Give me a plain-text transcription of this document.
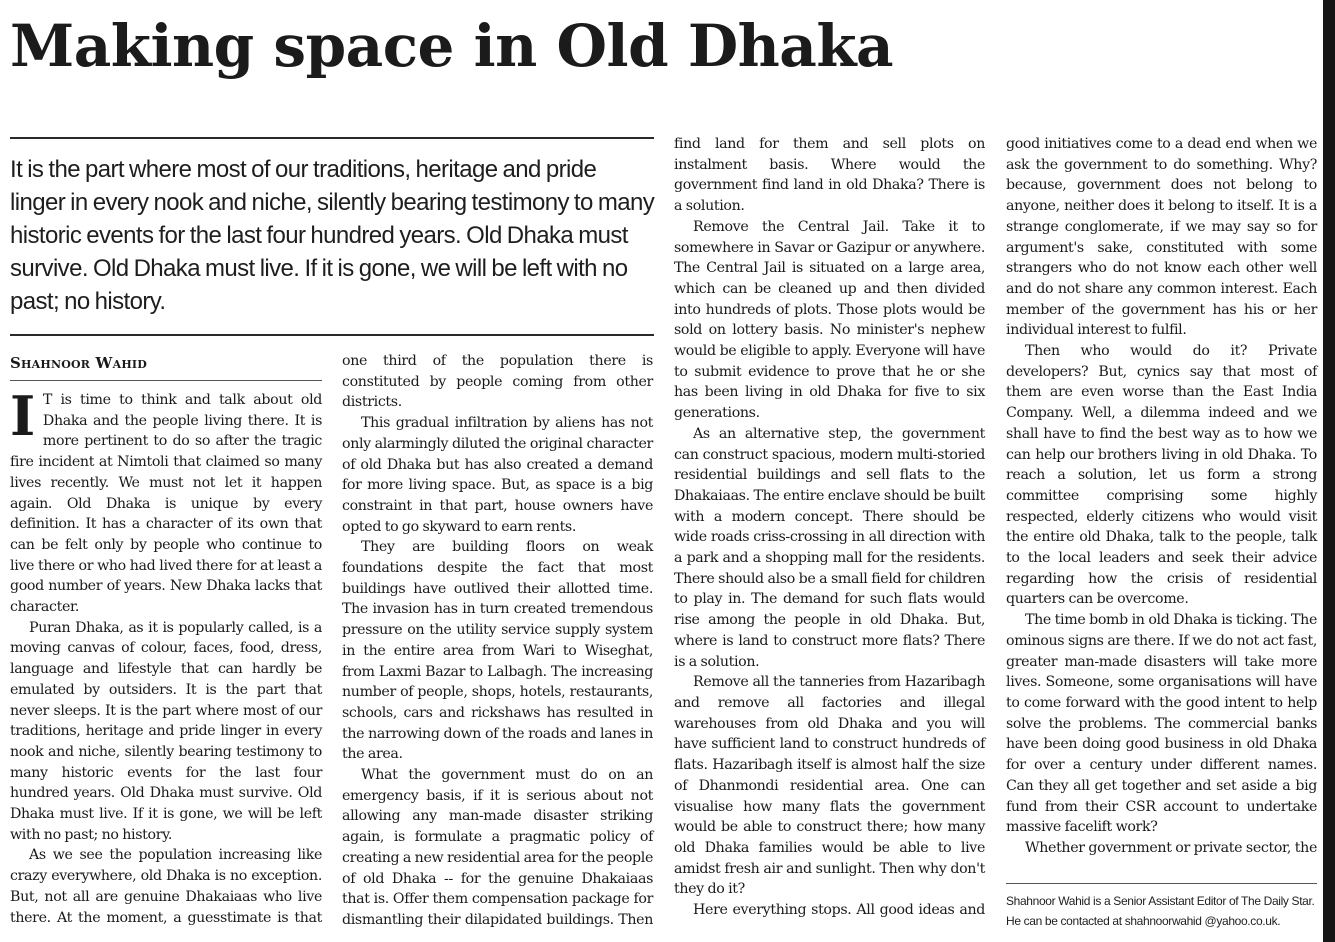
Making space in Old Dhaka

It is the part where most of our traditions, heritage and pride linger in every nook and niche, silently bearing testimony to many historic events for the last four hundred years. Old Dhaka must survive. Old Dhaka must live. If it is gone, we will be left with no past; no history.

Shahnoor Wahid

I T is time to think and talk about old Dhaka and the people living there. It is more pertinent to do so after the tragic fire incident at Nimtoli that claimed so many lives recently. We must not let it happen again. Old Dhaka is unique by every definition. It has a character of its own that can be felt only by people who continue to live there or who had lived there for at least a good number of years. New Dhaka lacks that character.

Puran Dhaka, as it is popularly called, is a moving canvas of colour, faces, food, dress, language and lifestyle that can hardly be emulated by outsiders. It is the part that never sleeps. It is the part where most of our traditions, heritage and pride linger in every nook and niche, silently bearing testimony to many historic events for the last four hundred years. Old Dhaka must survive. Old Dhaka must live. If it is gone, we will be left with no past; no history.

As we see the population increasing like crazy everywhere, old Dhaka is no exception. But, not all are genuine Dhakaiaas who live there. At the moment, a guesstimate is that

one third of the population there is constituted by people coming from other districts.

This gradual infiltration by aliens has not only alarmingly diluted the original character of old Dhaka but has also created a demand for more living space. But, as space is a big constraint in that part, house owners have opted to go skyward to earn rents.

They are building floors on weak foundations despite the fact that most buildings have outlived their allotted time. The invasion has in turn created tremendous pressure on the utility service supply system in the entire area from Wari to Wiseghat, from Laxmi Bazar to Lalbagh. The increasing number of people, shops, hotels, restaurants, schools, cars and rickshaws has resulted in the narrowing down of the roads and lanes in the area.

What the government must do on an emergency basis, if it is serious about not allowing any man-made disaster striking again, is formulate a pragmatic policy of creating a new residential area for the people of old Dhaka -- for the genuine Dhakaiaas that is. Offer them compensation package for dismantling their dilapidated buildings. Then

find land for them and sell plots on instalment basis. Where would the government find land in old Dhaka? There is a solution.

Remove the Central Jail. Take it to somewhere in Savar or Gazipur or anywhere. The Central Jail is situated on a large area, which can be cleaned up and then divided into hundreds of plots. Those plots would be sold on lottery basis. No minister's nephew would be eligible to apply. Everyone will have to submit evidence to prove that he or she has been living in old Dhaka for five to six generations.

As an alternative step, the government can construct spacious, modern multi-storied residential buildings and sell flats to the Dhakaiaas. The entire enclave should be built with a modern concept. There should be wide roads criss-crossing in all direction with a park and a shopping mall for the residents. There should also be a small field for children to play in. The demand for such flats would rise among the people in old Dhaka. But, where is land to construct more flats? There is a solution.

Remove all the tanneries from Hazaribagh and remove all factories and illegal warehouses from old Dhaka and you will have sufficient land to construct hundreds of flats. Hazaribagh itself is almost half the size of Dhanmondi residential area. One can visualise how many flats the government would be able to construct there; how many old Dhaka families would be able to live amidst fresh air and sunlight. Then why don't they do it?

Here everything stops. All good ideas and

good initiatives come to a dead end when we ask the government to do something. Why? because, government does not belong to anyone, neither does it belong to itself. It is a strange conglomerate, if we may say so for argument's sake, constituted with some strangers who do not know each other well and do not share any common interest. Each member of the government has his or her individual interest to fulfil.

Then who would do it? Private developers? But, cynics say that most of them are even worse than the East India Company. Well, a dilemma indeed and we shall have to find the best way as to how we can help our brothers living in old Dhaka. To reach a solution, let us form a strong committee comprising some highly respected, elderly citizens who would visit the entire old Dhaka, talk to the people, talk to the local leaders and seek their advice regarding how the crisis of residential quarters can be overcome.

The time bomb in old Dhaka is ticking. The ominous signs are there. If we do not act fast, greater man-made disasters will take more lives. Someone, some organisations will have to come forward with the good intent to help solve the problems. The commercial banks have been doing good business in old Dhaka for over a century under different names. Can they all get together and set aside a big fund from their CSR account to undertake massive facelift work?

Whether government or private sector, the

Shahnoor Wahid is a Senior Assistant Editor of The Daily Star. He can be contacted at shahnoorwahid @yahoo.co.uk.
